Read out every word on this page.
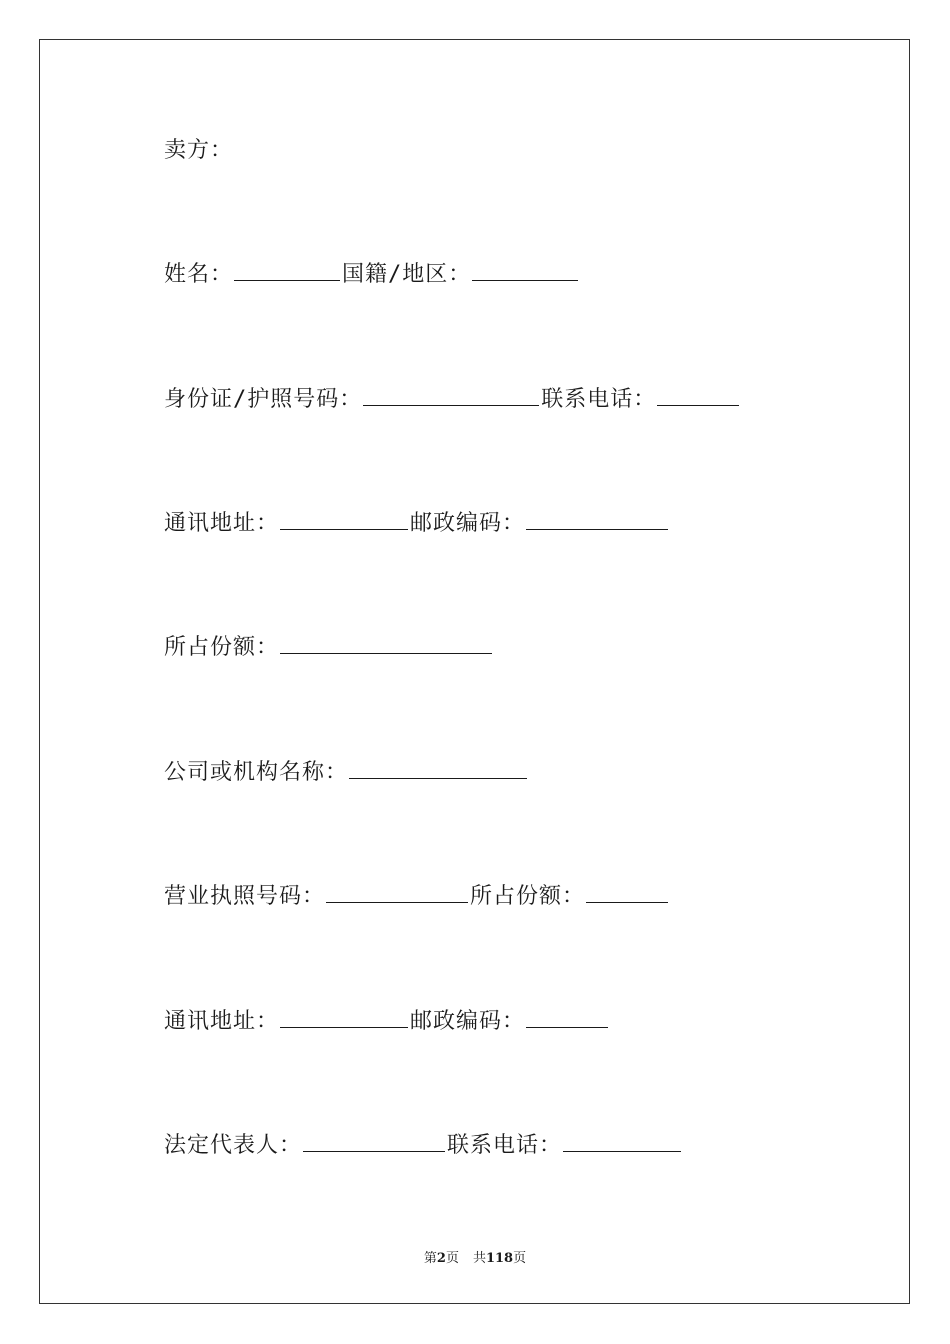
卖方：
姓名：	国籍/地区：
身份证/护照号码：	联系电话：
通讯地址：	邮政编码：
所占份额：
公司或机构名称：
营业执照号码：	所占份额：
通讯地址：	邮政编码：
法定代表人：	联系电话：
第2页 共118页
